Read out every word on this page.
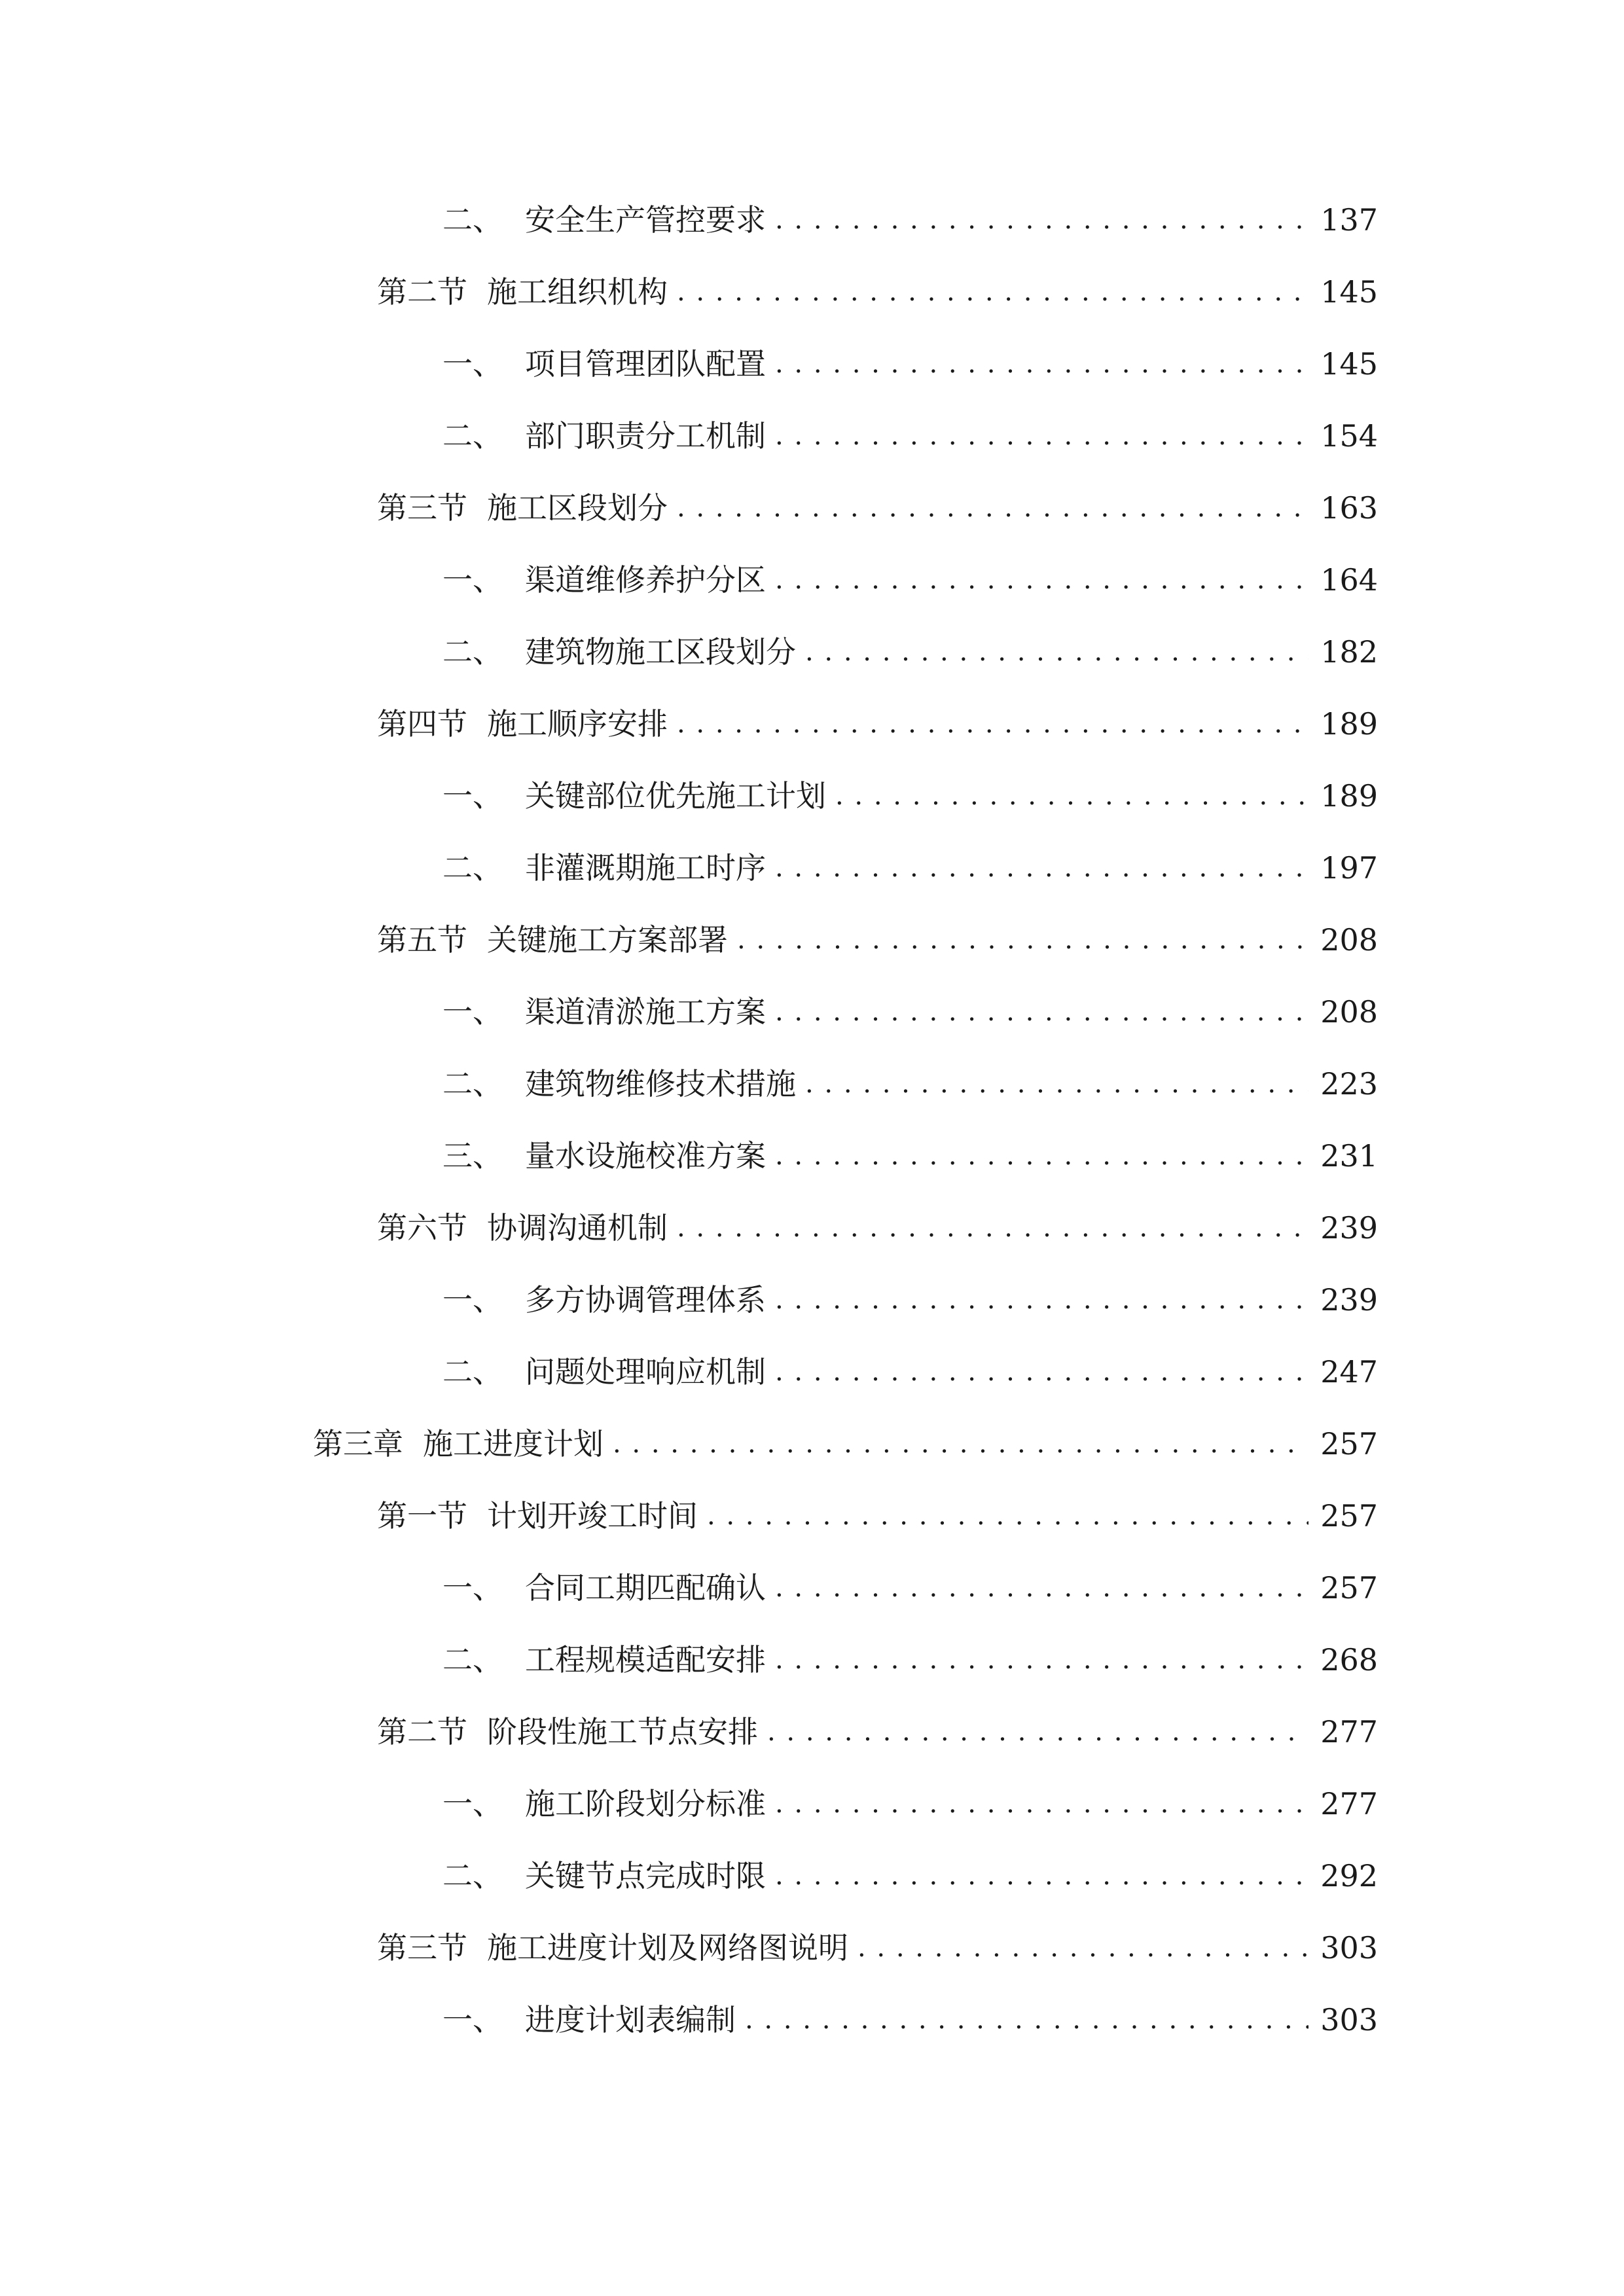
二、 安全生产管控要求 . . .	137
第二节 施工组织机构 . . .	145
一、 项目管理团队配置 . . .	145
二、 部门职责分工机制 . . .	154
第三节 施工区段划分 . . .	163
一、 渠道维修养护分区 . . .	164
二、 建筑物施工区段划分 . . .	182
第四节 施工顺序安排 . . .	189
一、 关键部位优先施工计划 . . .	189
二、 非灌溉期施工时序 . . .	197
第五节 关键施工方案部署 . . .	208
一、 渠道清淤施工方案 . . .	208
二、 建筑物维修技术措施 . . .	223
三、 量水设施校准方案 . . .	231
第六节 协调沟通机制 . . .	239
一、 多方协调管理体系 . . .	239
二、 问题处理响应机制 . . .	247
第三章 施工进度计划 . . .	257
第一节 计划开竣工时间 . . .	257
一、 合同工期匹配确认 . . .	257
二、 工程规模适配安排 . . .	268
第二节 阶段性施工节点安排 . . .	277
一、 施工阶段划分标准 . . .	277
二、 关键节点完成时限 . . .	292
第三节 施工进度计划及网络图说明 . . .	303
一、 进度计划表编制 . . .	303
